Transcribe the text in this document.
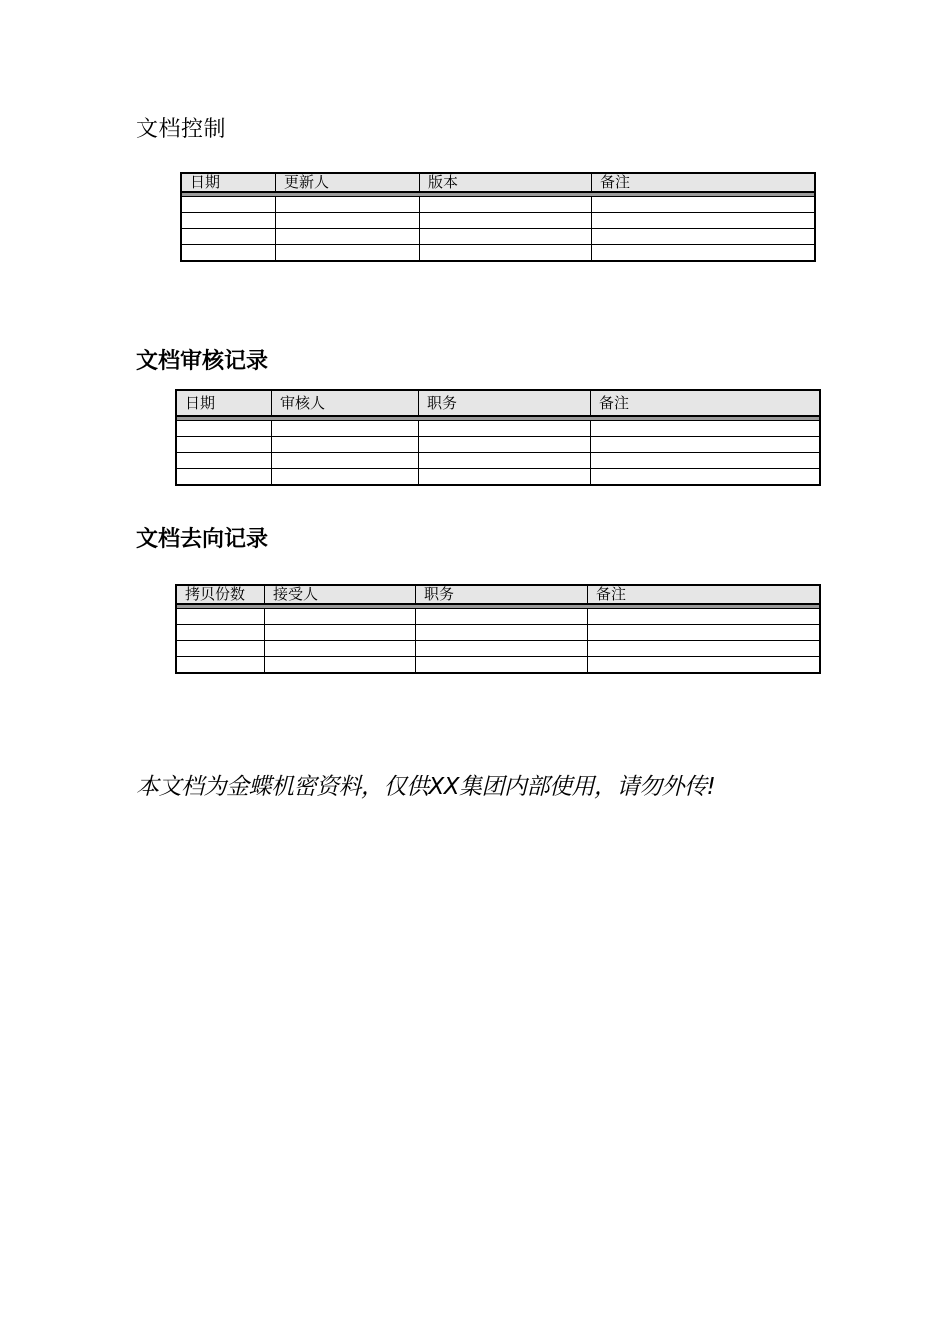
文档控制
日期	更新人	版本	备注
文档审核记录
日期	审核人	职务	备注
文档去向记录
拷贝份数	接受人	职务	备注

本文档为金蝶机密资料，仅供XX集团内部使用，请勿外传!
